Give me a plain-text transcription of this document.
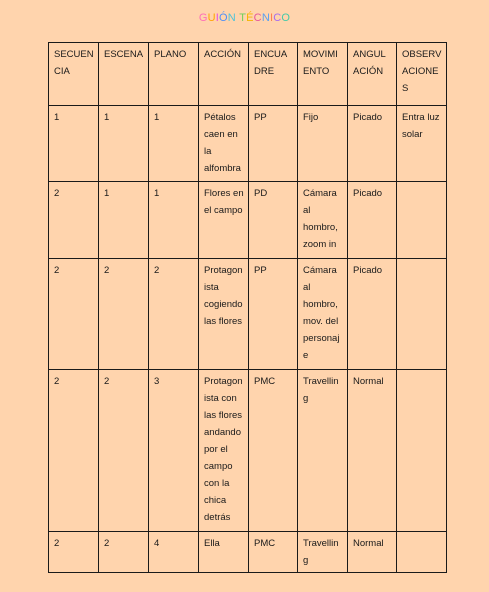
GUIÓN TÉCNICO
SECUENCIA	ESCENA	PLANO	ACCIÓN	ENCUADRE	MOVIMIENTO	ANGULACIÓN	OBSERVACIONES
1	1	1	Pétalos caen en la alfombra	PP	Fijo	Picado	Entra luz solar
2	1	1	Flores en el campo	PD	Cámara al hombro, zoom in	Picado	
2	2	2	Protagonista cogiendo las flores	PP	Cámara al hombro, mov. del personaje	Picado	
2	2	3	Protagonista con las flores andando por el campo con la chica detrás	PMC	Travelling	Normal	
2	2	4	Ella	PMC	Travelling	Normal	
